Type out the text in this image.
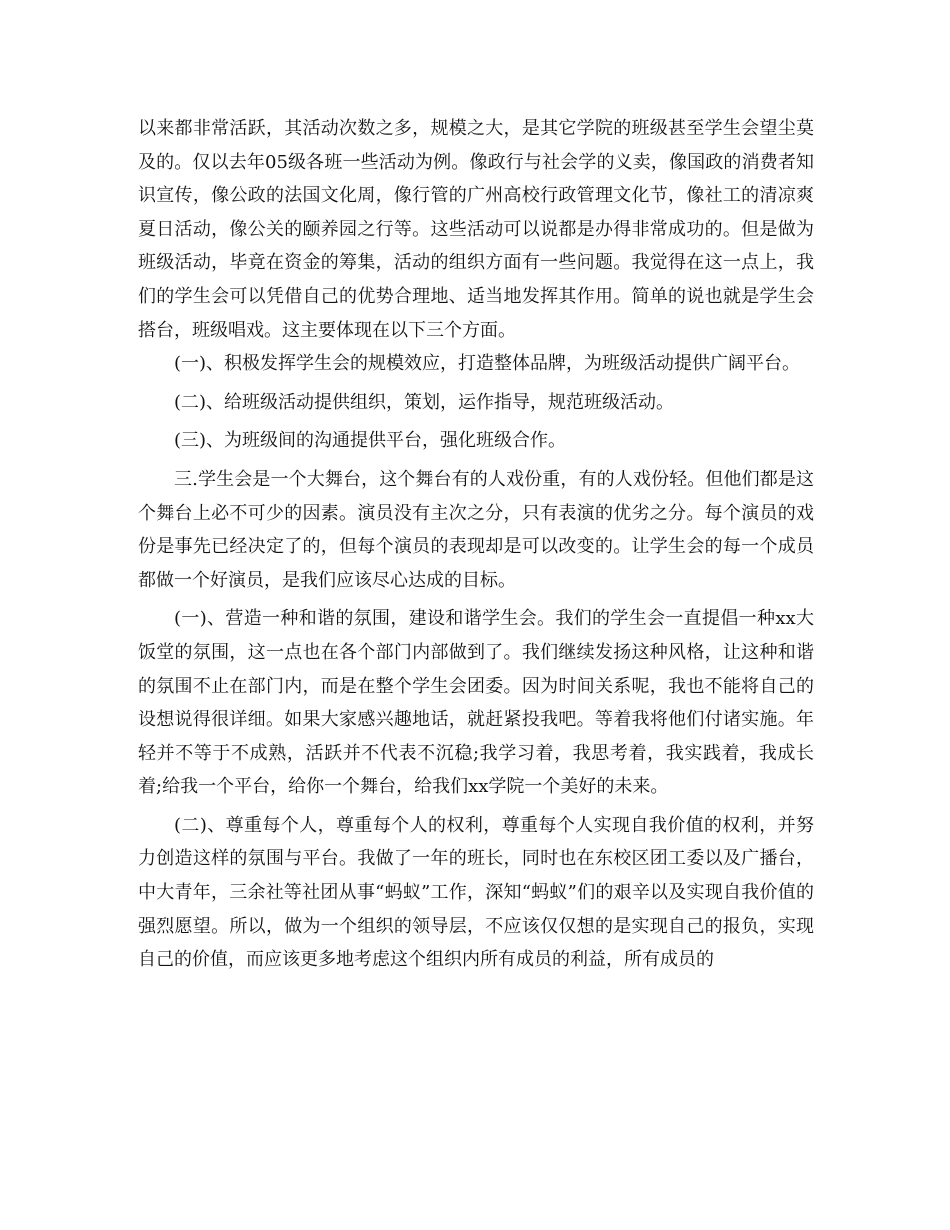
以来都非常活跃，其活动次数之多，规模之大，是其它学院的班级甚至学生会望尘莫及的。仅以去年05级各班一些活动为例。像政行与社会学的义卖，像国政的消费者知识宣传，像公政的法国文化周，像行管的广州高校行政管理文化节，像社工的清凉爽夏日活动，像公关的颐养园之行等。这些活动可以说都是办得非常成功的。但是做为班级活动，毕竟在资金的筹集，活动的组织方面有一些问题。我觉得在这一点上，我们的学生会可以凭借自己的优势合理地、适当地发挥其作用。简单的说也就是学生会搭台，班级唱戏。这主要体现在以下三个方面。

(一)、积极发挥学生会的规模效应，打造整体品牌，为班级活动提供广阔平台。

(二)、给班级活动提供组织，策划，运作指导，规范班级活动。

(三)、为班级间的沟通提供平台，强化班级合作。

三.学生会是一个大舞台，这个舞台有的人戏份重，有的人戏份轻。但他们都是这个舞台上必不可少的因素。演员没有主次之分，只有表演的优劣之分。每个演员的戏份是事先已经决定了的，但每个演员的表现却是可以改变的。让学生会的每一个成员都做一个好演员，是我们应该尽心达成的目标。

(一)、营造一种和谐的氛围，建设和谐学生会。我们的学生会一直提倡一种xx大饭堂的氛围，这一点也在各个部门内部做到了。我们继续发扬这种风格，让这种和谐的氛围不止在部门内，而是在整个学生会团委。因为时间关系呢，我也不能将自己的设想说得很详细。如果大家感兴趣地话，就赶紧投我吧。等着我将他们付诸实施。年轻并不等于不成熟，活跃并不代表不沉稳;我学习着，我思考着，我实践着，我成长着;给我一个平台，给你一个舞台，给我们xx学院一个美好的未来。

(二)、尊重每个人，尊重每个人的权利，尊重每个人实现自我价值的权利，并努力创造这样的氛围与平台。我做了一年的班长，同时也在东校区团工委以及广播台，中大青年，三余社等社团从事“蚂蚁”工作，深知“蚂蚁”们的艰辛以及实现自我价值的强烈愿望。所以，做为一个组织的领导层，不应该仅仅想的是实现自己的报负，实现自己的价值，而应该更多地考虑这个组织内所有成员的利益，所有成员的
